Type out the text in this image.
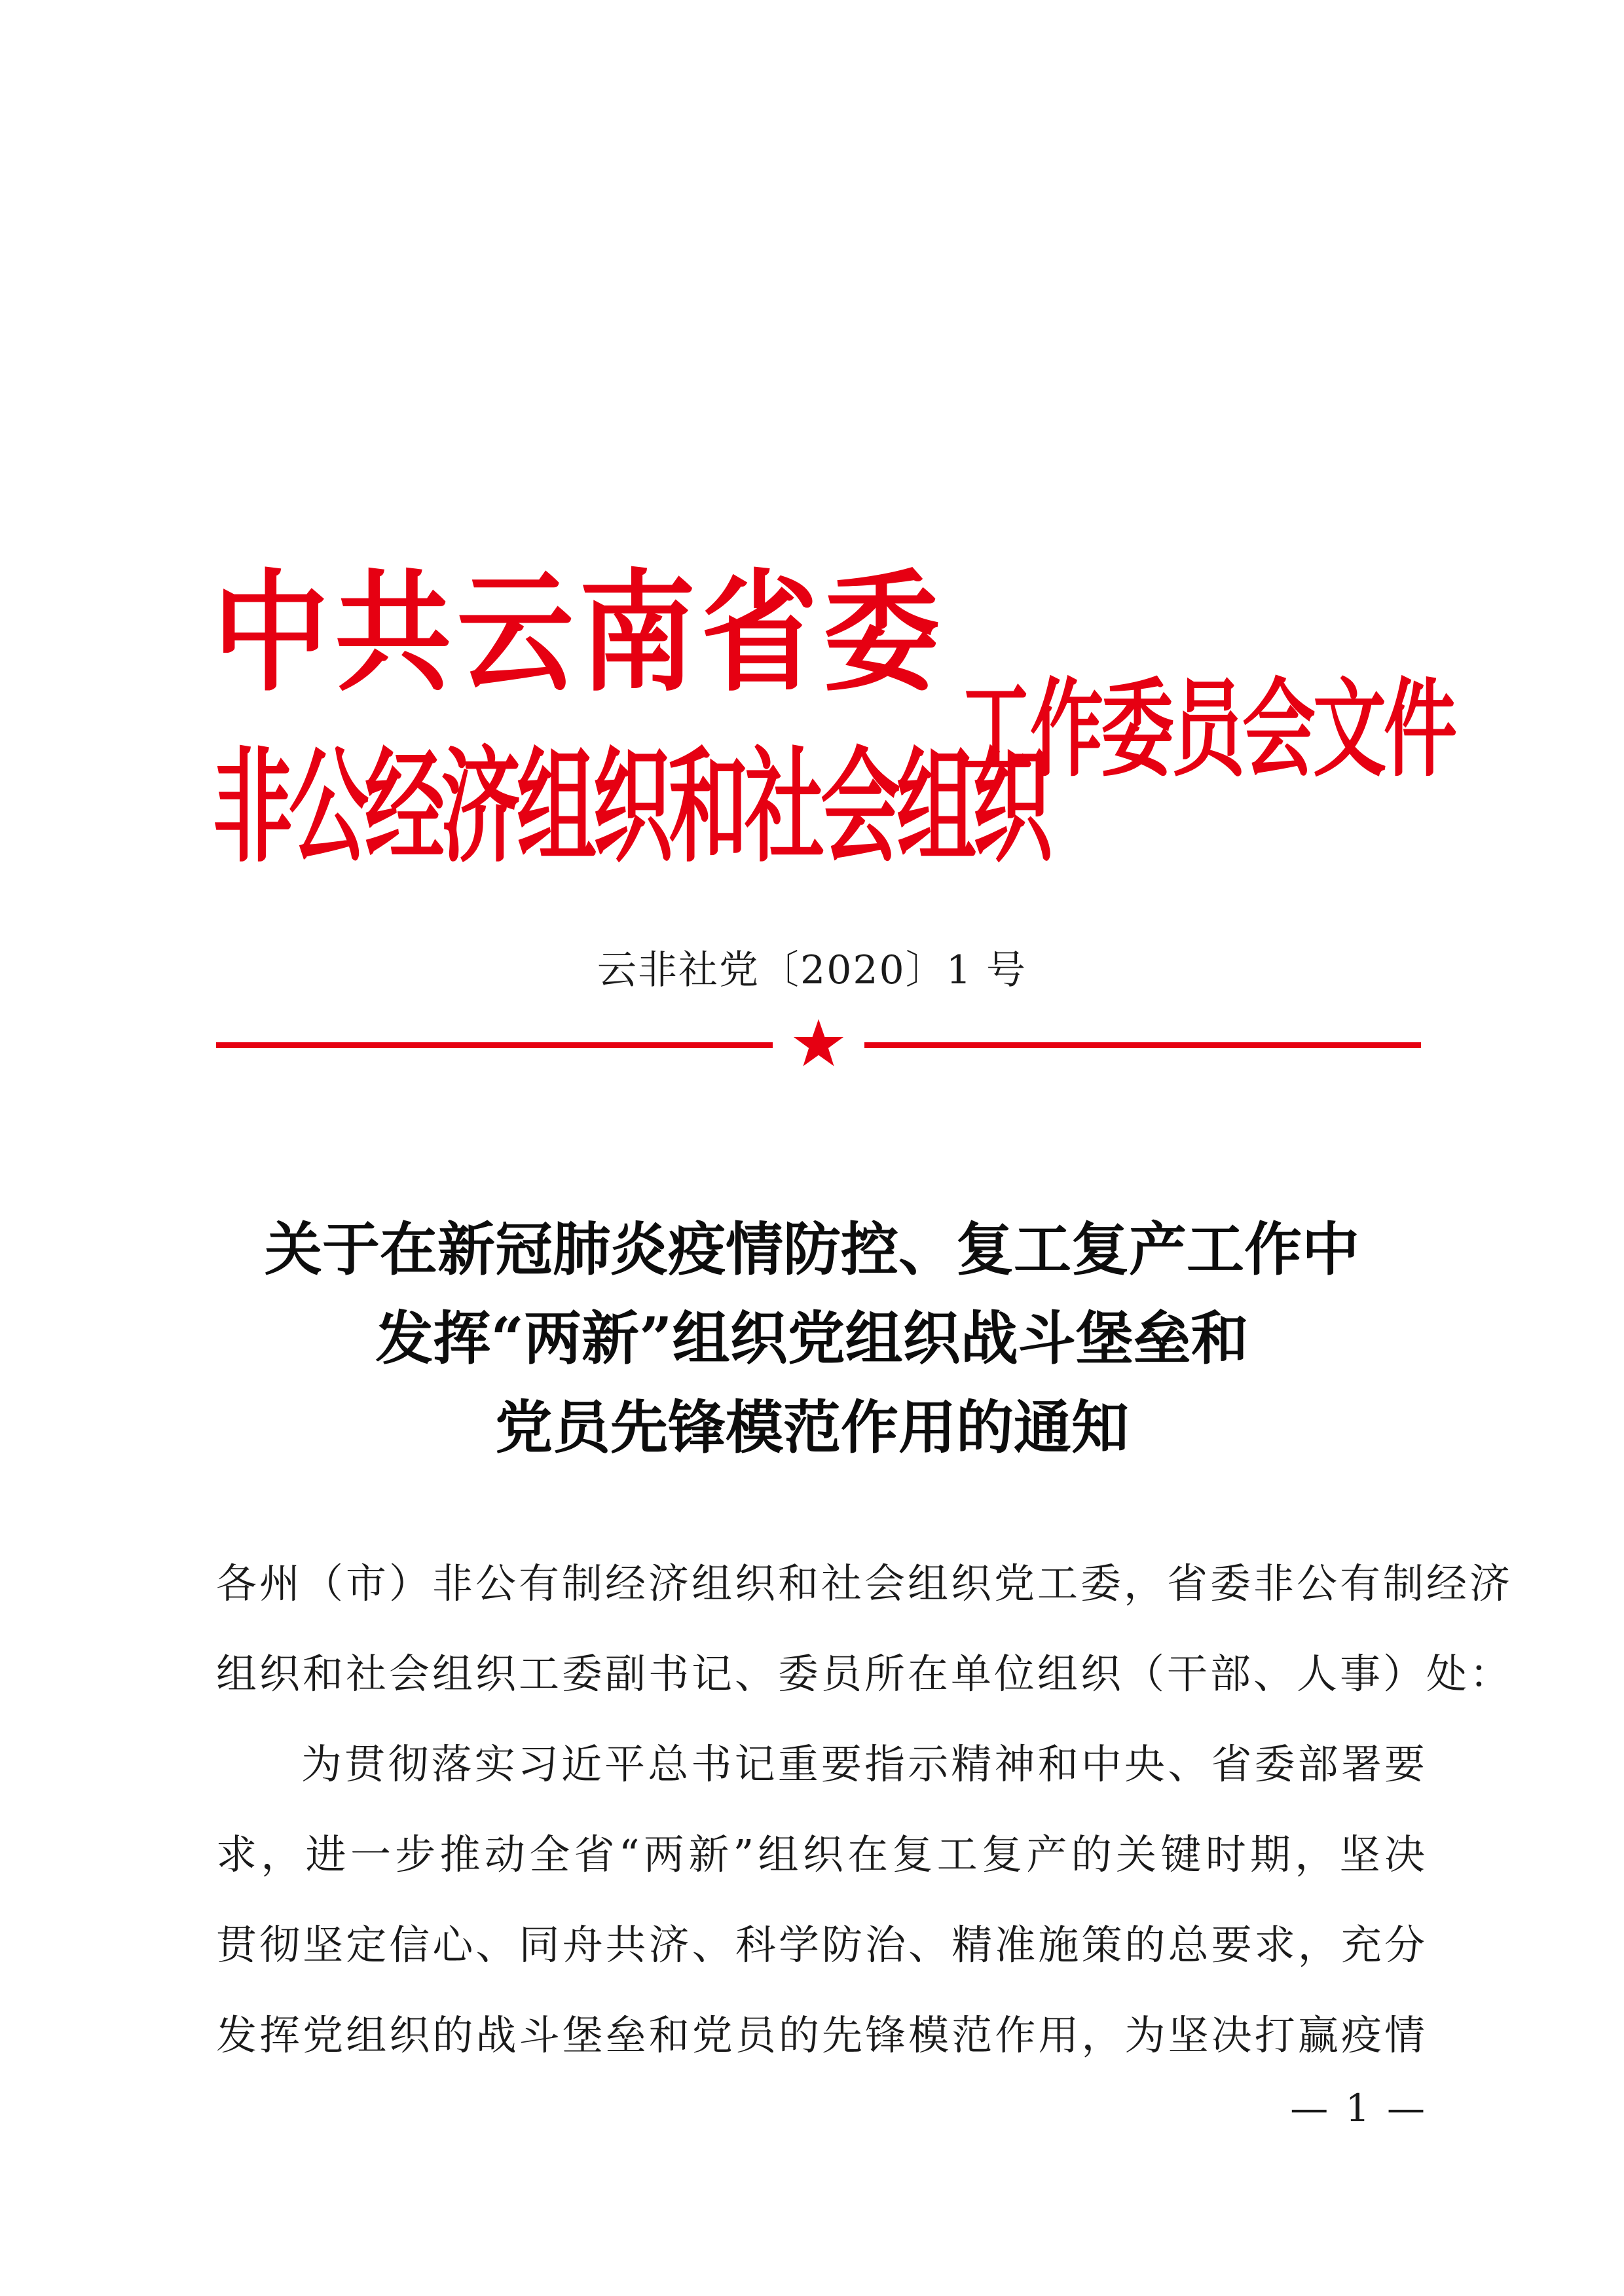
中 共 云 南 省 委
非公经济组织和社会组织
工作委员会文件
云非社党〔2020〕1 号
关于在新冠肺炎疫情防控、复工复产工作中
发挥“两新”组织党组织战斗堡垒和
党员先锋模范作用的通知
各州（市）非公有制经济组织和社会组织党工委，省委非公有制经济
组织和社会组织工委副书记、委员所在单位组织（干部、人事）处：
为贯彻落实习近平总书记重要指示精神和中央、省委部署要
求，进一步推动全省“两新”组织在复工复产的关键时期，坚决
贯彻坚定信心、同舟共济、科学防治、精准施策的总要求，充分
发挥党组织的战斗堡垒和党员的先锋模范作用，为坚决打赢疫情
— 1 —
